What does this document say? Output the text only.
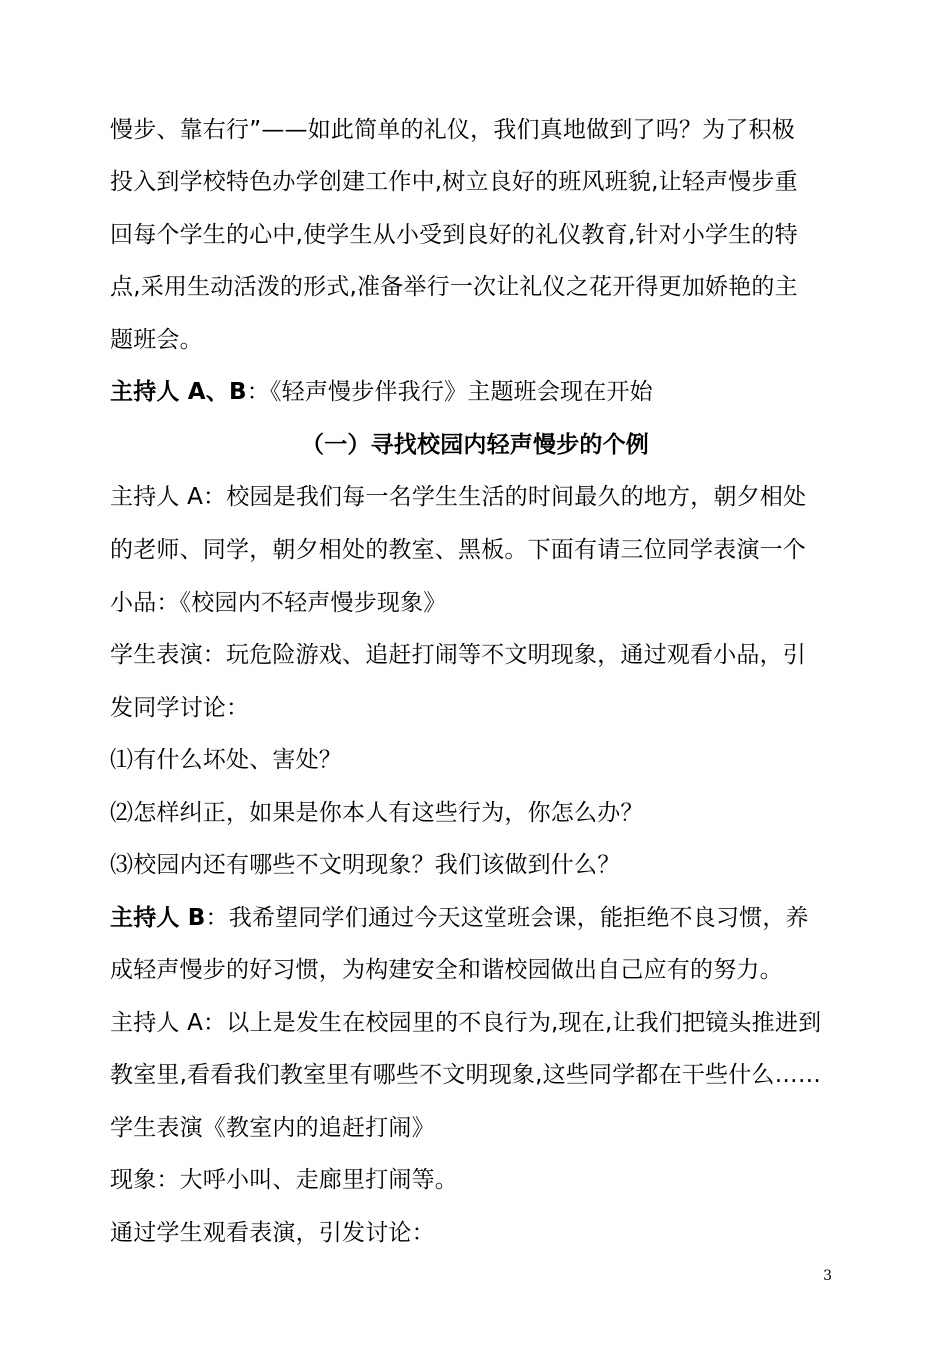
慢步、靠右行”——如此简单的礼仪，我们真地做到了吗？为了积极
投入到学校特色办学创建工作中,树立良好的班风班貌,让轻声慢步重
回每个学生的心中,使学生从小受到良好的礼仪教育,针对小学生的特
点,采用生动活泼的形式,准备举行一次让礼仪之花开得更加娇艳的主
题班会。
主持人 A、B：《轻声慢步伴我行》主题班会现在开始
（一）寻找校园内轻声慢步的个例
主持人 A：校园是我们每一名学生生活的时间最久的地方，朝夕相处
的老师、同学，朝夕相处的教室、黑板。下面有请三位同学表演一个
小品：《校园内不轻声慢步现象》
学生表演：玩危险游戏、追赶打闹等不文明现象，通过观看小品，引
发同学讨论：
⑴有什么坏处、害处？
⑵怎样纠正，如果是你本人有这些行为，你怎么办？
⑶校园内还有哪些不文明现象？我们该做到什么？
主持人 B：我希望同学们通过今天这堂班会课，能拒绝不良习惯，养
成轻声慢步的好习惯，为构建安全和谐校园做出自己应有的努力。
主持人 A：以上是发生在校园里的不良行为,现在,让我们把镜头推进到
教室里,看看我们教室里有哪些不文明现象,这些同学都在干些什么……
学生表演《教室内的追赶打闹》
现象：大呼小叫、走廊里打闹等。
通过学生观看表演，引发讨论：
3
